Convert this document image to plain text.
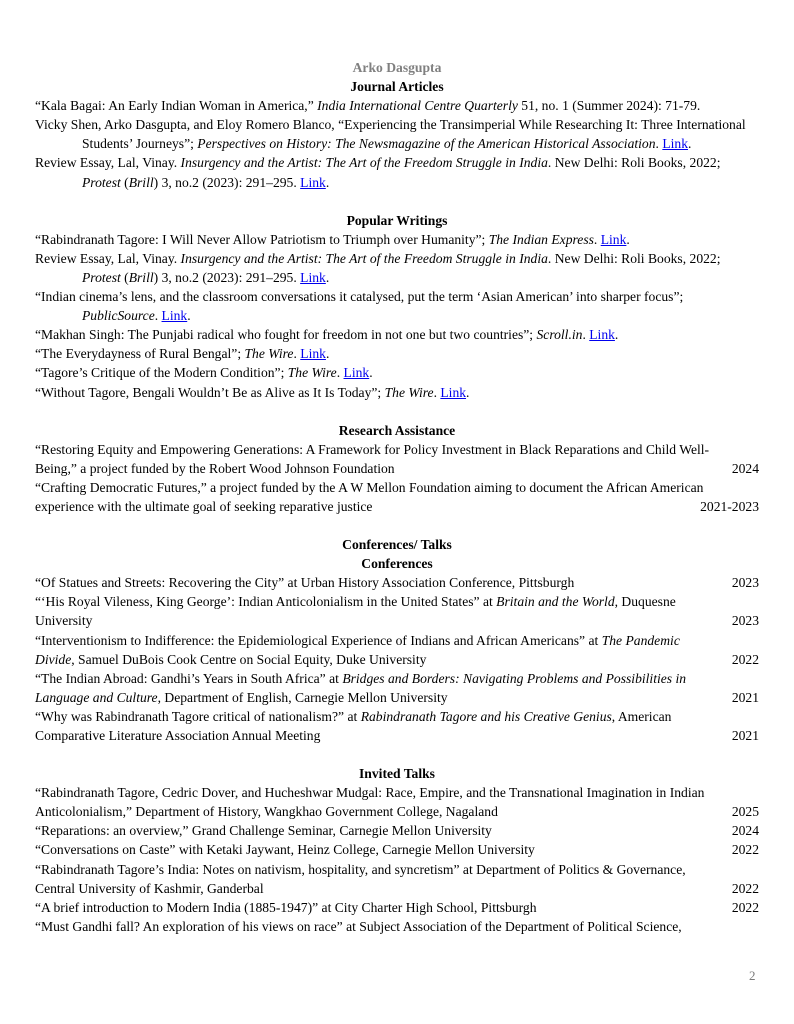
Arko Dasgupta
Journal Articles
“Kala Bagai: An Early Indian Woman in America,” India International Centre Quarterly 51, no. 1 (Summer 2024): 71-79.
Vicky Shen, Arko Dasgupta, and Eloy Romero Blanco, “Experiencing the Transimperial While Researching It: Three International Students’ Journeys”; Perspectives on History: The Newsmagazine of the American Historical Association. Link.
Review Essay, Lal, Vinay. Insurgency and the Artist: The Art of the Freedom Struggle in India. New Delhi: Roli Books, 2022; Protest (Brill) 3, no.2 (2023): 291–295. Link.
Popular Writings
“Rabindranath Tagore: I Will Never Allow Patriotism to Triumph over Humanity”; The Indian Express. Link.
Review Essay, Lal, Vinay. Insurgency and the Artist: The Art of the Freedom Struggle in India. New Delhi: Roli Books, 2022; Protest (Brill) 3, no.2 (2023): 291–295. Link.
“Indian cinema’s lens, and the classroom conversations it catalysed, put the term ‘Asian American’ into sharper focus”; PublicSource. Link.
“Makhan Singh: The Punjabi radical who fought for freedom in not one but two countries”; Scroll.in. Link.
“The Everydayness of Rural Bengal”; The Wire. Link.
“Tagore’s Critique of the Modern Condition”; The Wire. Link.
“Without Tagore, Bengali Wouldn’t Be as Alive as It Is Today”; The Wire. Link.
Research Assistance
“Restoring Equity and Empowering Generations: A Framework for Policy Investment in Black Reparations and Child Well-
Being,” a project funded by the Robert Wood Johnson Foundation	2024
“Crafting Democratic Futures,” a project funded by the A W Mellon Foundation aiming to document the African American
experience with the ultimate goal of seeking reparative justice	2021-2023
Conferences/ Talks
Conferences
“Of Statues and Streets: Recovering the City” at Urban History Association Conference, Pittsburgh	2023
“‘His Royal Vileness, King George’: Indian Anticolonialism in the United States” at Britain and the World, Duquesne
University	2023
“Interventionism to Indifference: the Epidemiological Experience of Indians and African Americans” at The Pandemic
Divide, Samuel DuBois Cook Centre on Social Equity, Duke University	2022
“The Indian Abroad: Gandhi’s Years in South Africa” at Bridges and Borders: Navigating Problems and Possibilities in
Language and Culture, Department of English, Carnegie Mellon University	2021
“Why was Rabindranath Tagore critical of nationalism?” at Rabindranath Tagore and his Creative Genius, American
Comparative Literature Association Annual Meeting	2021
Invited Talks
“Rabindranath Tagore, Cedric Dover, and Hucheshwar Mudgal: Race, Empire, and the Transnational Imagination in Indian
Anticolonialism,” Department of History, Wangkhao Government College, Nagaland	2025
“Reparations: an overview,” Grand Challenge Seminar, Carnegie Mellon University	2024
“Conversations on Caste” with Ketaki Jaywant, Heinz College, Carnegie Mellon University	2022
“Rabindranath Tagore’s India: Notes on nativism, hospitality, and syncretism” at Department of Politics & Governance,
Central University of Kashmir, Ganderbal	2022
“A brief introduction to Modern India (1885-1947)” at City Charter High School, Pittsburgh	2022
“Must Gandhi fall? An exploration of his views on race” at Subject Association of the Department of Political Science,
2
